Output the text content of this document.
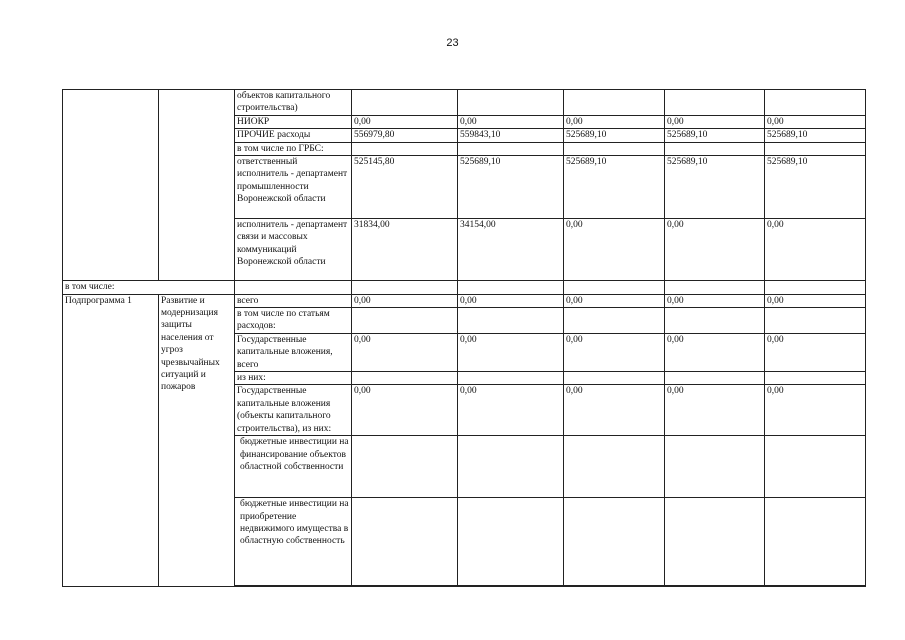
23
		объектов капитального строительства)					
		НИОКР	0,00	0,00	0,00	0,00	0,00
		ПРОЧИЕ расходы	556979,80	559843,10	525689,10	525689,10	525689,10
		в том числе по ГРБС:					
		ответственный исполнитель - департамент промышленности Воронежской области	525145,80	525689,10	525689,10	525689,10	525689,10
		исполнитель - департамент связи и массовых коммуникаций Воронежской области	31834,00	34154,00	0,00	0,00	0,00
в том числе:							
Подпрограмма 1	Развитие и модернизация защиты населения от угроз чрезвычайных ситуаций и пожаров	всего	0,00	0,00	0,00	0,00	0,00
		в том числе по статьям расходов:					
		Государственные капитальные вложения, всего	0,00	0,00	0,00	0,00	0,00
		из них:					
		Государственные капитальные вложения (объекты капитального строительства), из них:	0,00	0,00	0,00	0,00	0,00
		бюджетные инвестиции на финансирование объектов областной собственности					
		бюджетные инвестиции на приобретение недвижимого имущества в областную собственность					
